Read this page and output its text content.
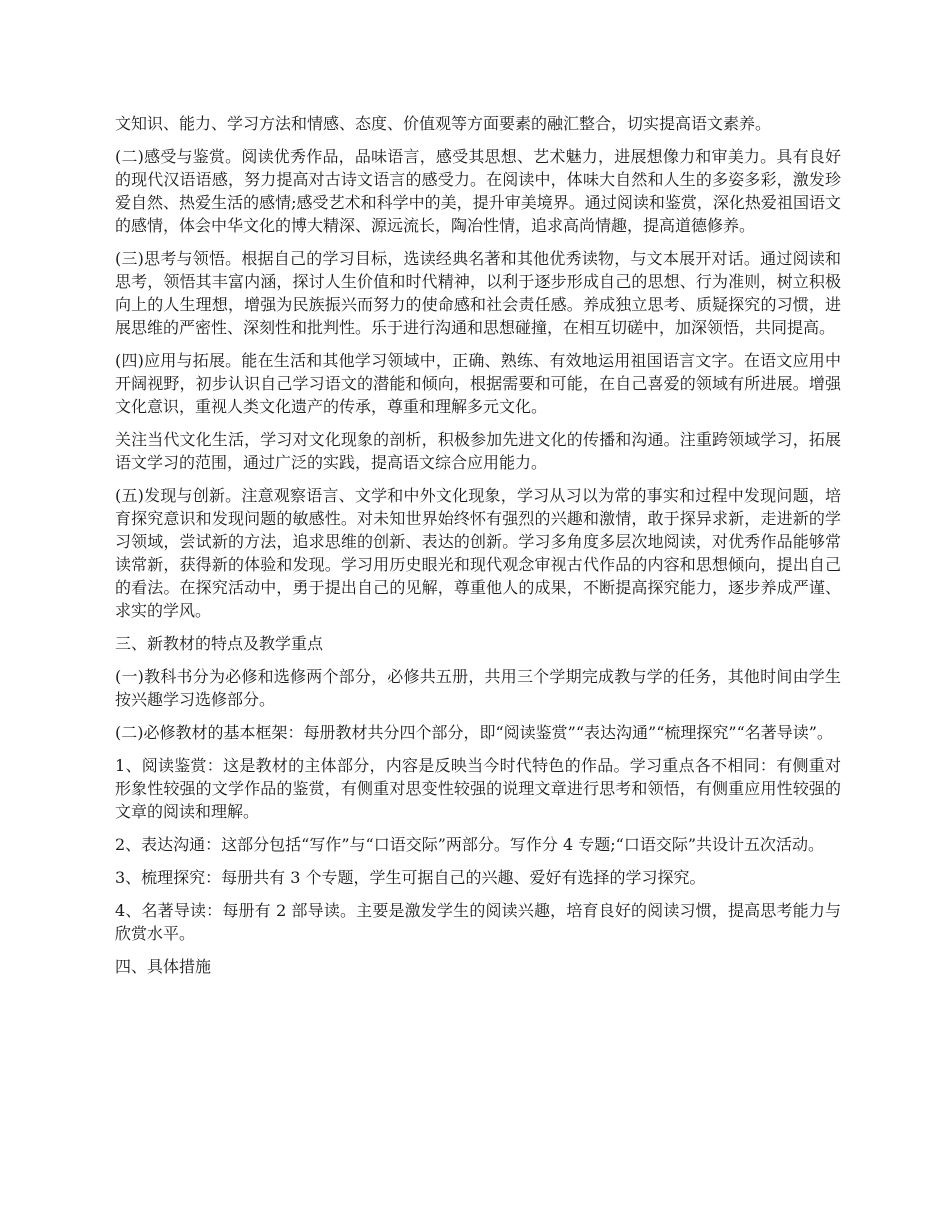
文知识、能力、学习方法和情感、态度、价值观等方面要素的融汇整合，切实提高语文素养。

(二)感受与鉴赏。阅读优秀作品，品味语言，感受其思想、艺术魅力，进展想像力和审美力。具有良好的现代汉语语感，努力提高对古诗文语言的感受力。在阅读中，体味大自然和人生的多姿多彩，激发珍爱自然、热爱生活的感情;感受艺术和科学中的美，提升审美境界。通过阅读和鉴赏，深化热爱祖国语文的感情，体会中华文化的博大精深、源远流长，陶冶性情，追求高尚情趣，提高道德修养。

(三)思考与领悟。根据自己的学习目标，选读经典名著和其他优秀读物，与文本展开对话。通过阅读和思考，领悟其丰富内涵，探讨人生价值和时代精神，以利于逐步形成自己的思想、行为准则，树立积极向上的人生理想，增强为民族振兴而努力的使命感和社会责任感。养成独立思考、质疑探究的习惯，进展思维的严密性、深刻性和批判性。乐于进行沟通和思想碰撞，在相互切磋中，加深领悟，共同提高。

(四)应用与拓展。能在生活和其他学习领域中，正确、熟练、有效地运用祖国语言文字。在语文应用中开阔视野，初步认识自己学习语文的潜能和倾向，根据需要和可能，在自己喜爱的领域有所进展。增强文化意识，重视人类文化遗产的传承，尊重和理解多元文化。

关注当代文化生活，学习对文化现象的剖析，积极参加先进文化的传播和沟通。注重跨领域学习，拓展语文学习的范围，通过广泛的实践，提高语文综合应用能力。

(五)发现与创新。注意观察语言、文学和中外文化现象，学习从习以为常的事实和过程中发现问题，培育探究意识和发现问题的敏感性。对未知世界始终怀有强烈的兴趣和激情，敢于探异求新，走进新的学习领域，尝试新的方法，追求思维的创新、表达的创新。学习多角度多层次地阅读，对优秀作品能够常读常新，获得新的体验和发现。学习用历史眼光和现代观念审视古代作品的内容和思想倾向，提出自己的看法。在探究活动中，勇于提出自己的见解，尊重他人的成果，不断提高探究能力，逐步养成严谨、求实的学风。

三、新教材的特点及教学重点

(一)教科书分为必修和选修两个部分，必修共五册，共用三个学期完成教与学的任务，其他时间由学生按兴趣学习选修部分。

(二)必修教材的基本框架：每册教材共分四个部分，即“阅读鉴赏”“表达沟通”“梳理探究”“名著导读”。

1、阅读鉴赏：这是教材的主体部分，内容是反映当今时代特色的作品。学习重点各不相同：有侧重对形象性较强的文学作品的鉴赏，有侧重对思变性较强的说理文章进行思考和领悟，有侧重应用性较强的文章的阅读和理解。

2、表达沟通：这部分包括“写作”与“口语交际”两部分。写作分 4 专题;“口语交际”共设计五次活动。

3、梳理探究：每册共有 3 个专题，学生可据自己的兴趣、爱好有选择的学习探究。

4、名著导读：每册有 2 部导读。主要是激发学生的阅读兴趣，培育良好的阅读习惯，提高思考能力与欣赏水平。

四、具体措施
